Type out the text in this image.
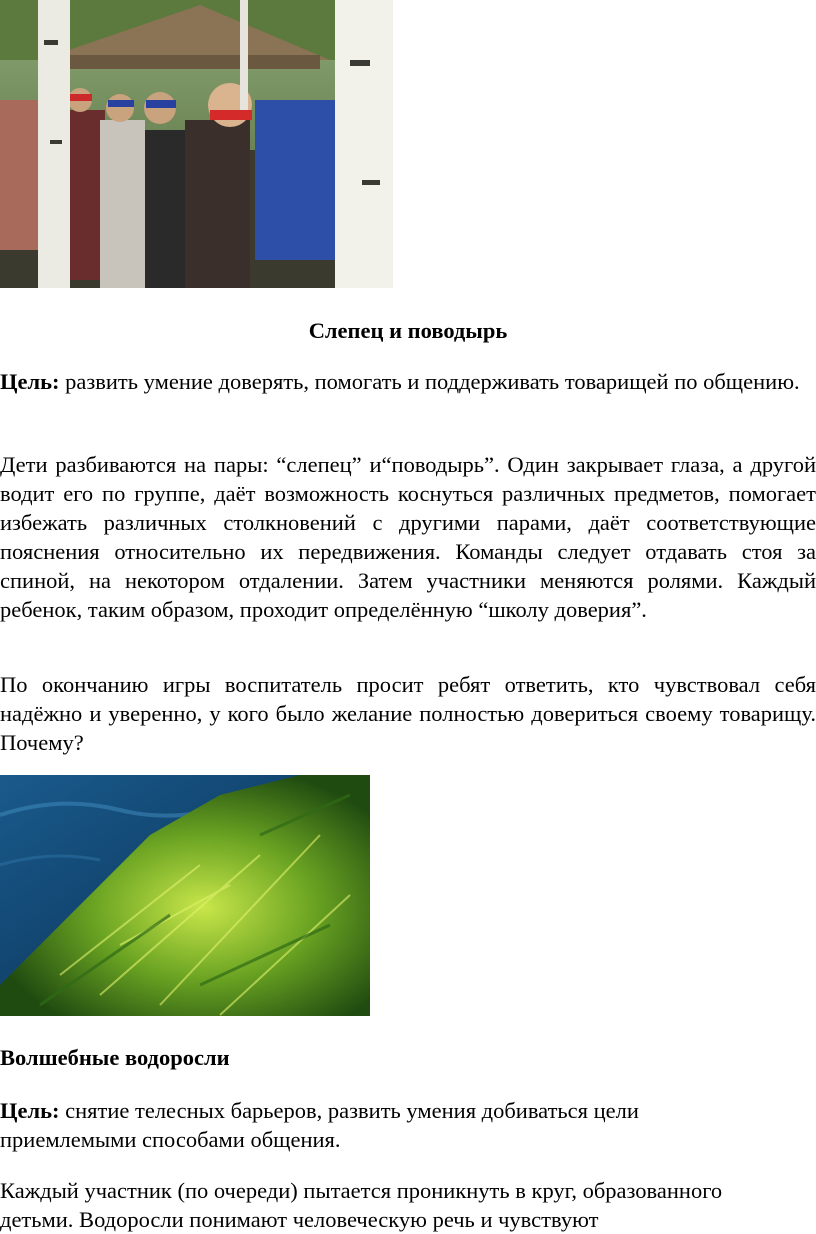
Слепец и поводырь

Цель: развить умение доверять, помогать и поддерживать товарищей по общению.

Дети разбиваются на пары: “слепец” и“поводырь”. Один закрывает глаза, а другой водит его по группе, даёт возможность коснуться различных предметов, помогает избежать различных столкновений с другими парами, даёт соответствующие пояснения относительно их передвижения. Команды следует отдавать стоя за спиной, на некотором отдалении. Затем участники меняются ролями. Каждый ребенок, таким образом, проходит определённую “школу доверия”.

По окончанию игры воспитатель просит ребят ответить, кто чувствовал себя надёжно и уверенно, у кого было желание полностью довериться своему товарищу. Почему?

Волшебные водоросли

Цель: снятие телесных барьеров, развить умения добиваться цели приемлемыми способами общения.

Каждый участник (по очереди) пытается проникнуть в круг, образованного детьми. Водоросли понимают человеческую речь и чувствуют
